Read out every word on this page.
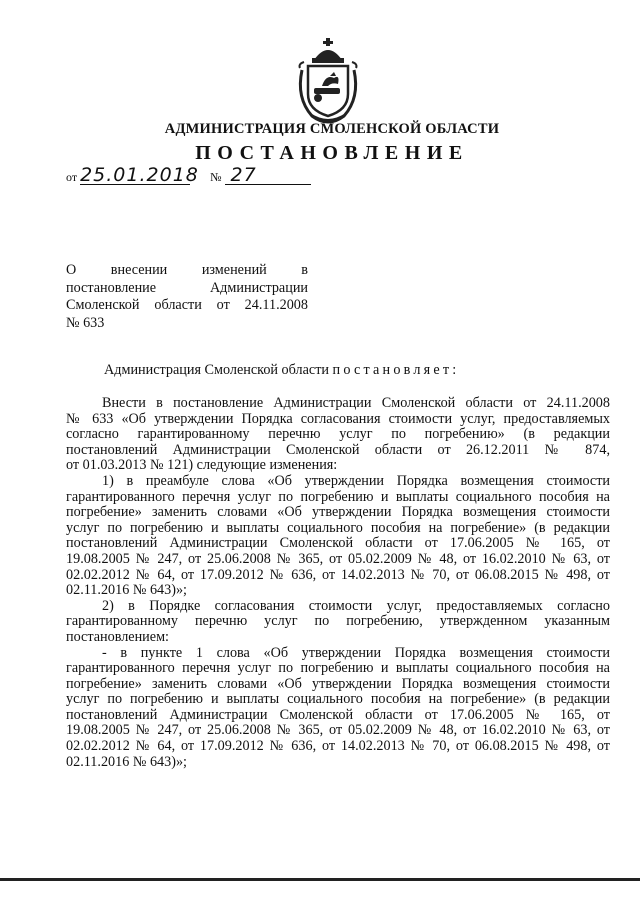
АДМИНИСТРАЦИЯ СМОЛЕНСКОЙ ОБЛАСТИ
ПОСТАНОВЛЕНИЕ
от 25.01.2018 № 27
О внесении изменений в
постановление Администрации
Смоленской области от 24.11.2008
№ 633
Администрация Смоленской области постановляет:
Внести в постановление Администрации Смоленской области от 24.11.2008
№ 633 «Об утверждении Порядка согласования стоимости услуг, предоставляемых
согласно гарантированному перечню услуг по погребению» (в редакции
постановлений Администрации Смоленской области от 26.12.2011 № 874,
от 01.03.2013 № 121) следующие изменения:
1) в преамбуле слова «Об утверждении Порядка возмещения стоимости
гарантированного перечня услуг по погребению и выплаты социального пособия на
погребение» заменить словами «Об утверждении Порядка возмещения стоимости
услуг по погребению и выплаты социального пособия на погребение» (в редакции
постановлений Администрации Смоленской области от 17.06.2005 № 165, от
19.08.2005 № 247, от 25.06.2008 № 365, от 05.02.2009 № 48, от 16.02.2010 № 63, от
02.02.2012 № 64, от 17.09.2012 № 636, от 14.02.2013 № 70, от 06.08.2015 № 498, от
02.11.2016 № 643)»;
2) в Порядке согласования стоимости услуг, предоставляемых согласно
гарантированному перечню услуг по погребению, утвержденном указанным
постановлением:
- в пункте 1 слова «Об утверждении Порядка возмещения стоимости
гарантированного перечня услуг по погребению и выплаты социального пособия на
погребение» заменить словами «Об утверждении Порядка возмещения стоимости
услуг по погребению и выплаты социального пособия на погребение» (в редакции
постановлений Администрации Смоленской области от 17.06.2005 № 165, от
19.08.2005 № 247, от 25.06.2008 № 365, от 05.02.2009 № 48, от 16.02.2010 № 63, от
02.02.2012 № 64, от 17.09.2012 № 636, от 14.02.2013 № 70, от 06.08.2015 № 498, от
02.11.2016 № 643)»;
